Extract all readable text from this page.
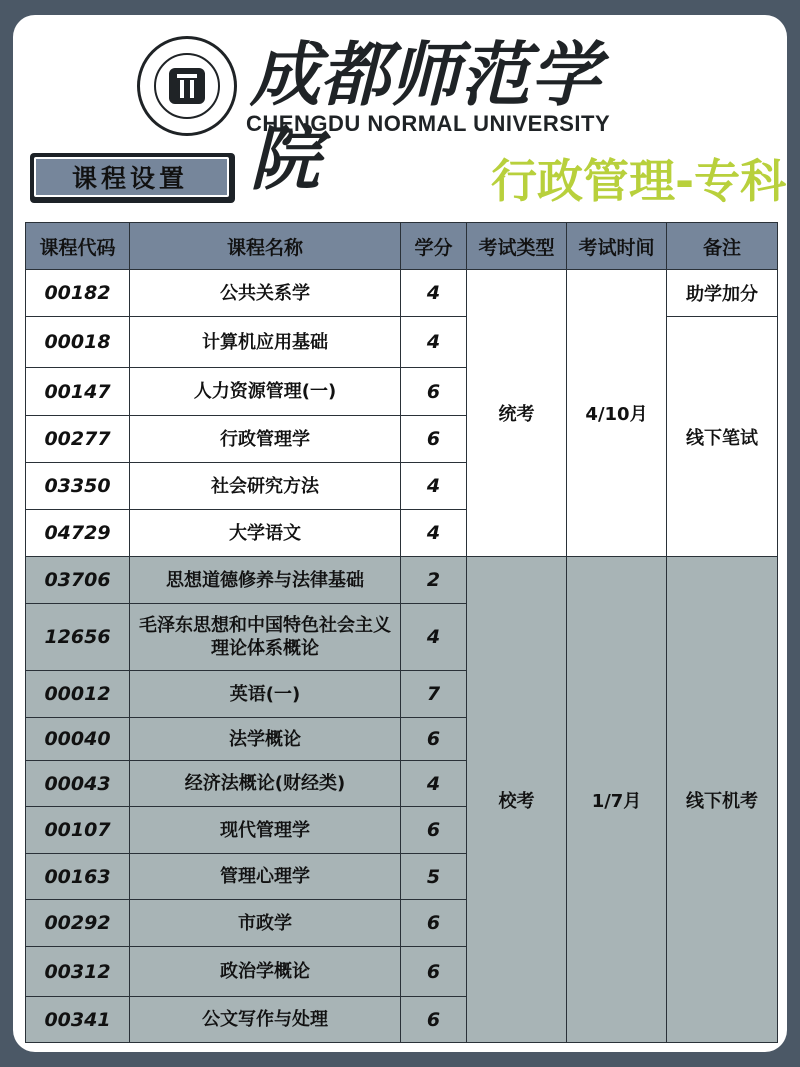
成都师范学院
CHENGDU NORMAL UNIVERSITY
课程设置	行政管理-专科
课程代码	课程名称	学分	考试类型	考试时间	备注
00182	公共关系学	4	统考	4/10月	助学加分
00018	计算机应用基础	4			线下笔试
00147	人力资源管理(一)	6			
00277	行政管理学	6			
03350	社会研究方法	4			
04729	大学语文	4			
03706	思想道德修养与法律基础	2	校考	1/7月	线下机考
12656	毛泽东思想和中国特色社会主义理论体系概论	4			
00012	英语(一)	7			
00040	法学概论	6			
00043	经济法概论(财经类)	4			
00107	现代管理学	6			
00163	管理心理学	5			
00292	市政学	6			
00312	政治学概论	6			
00341	公文写作与处理	6			
